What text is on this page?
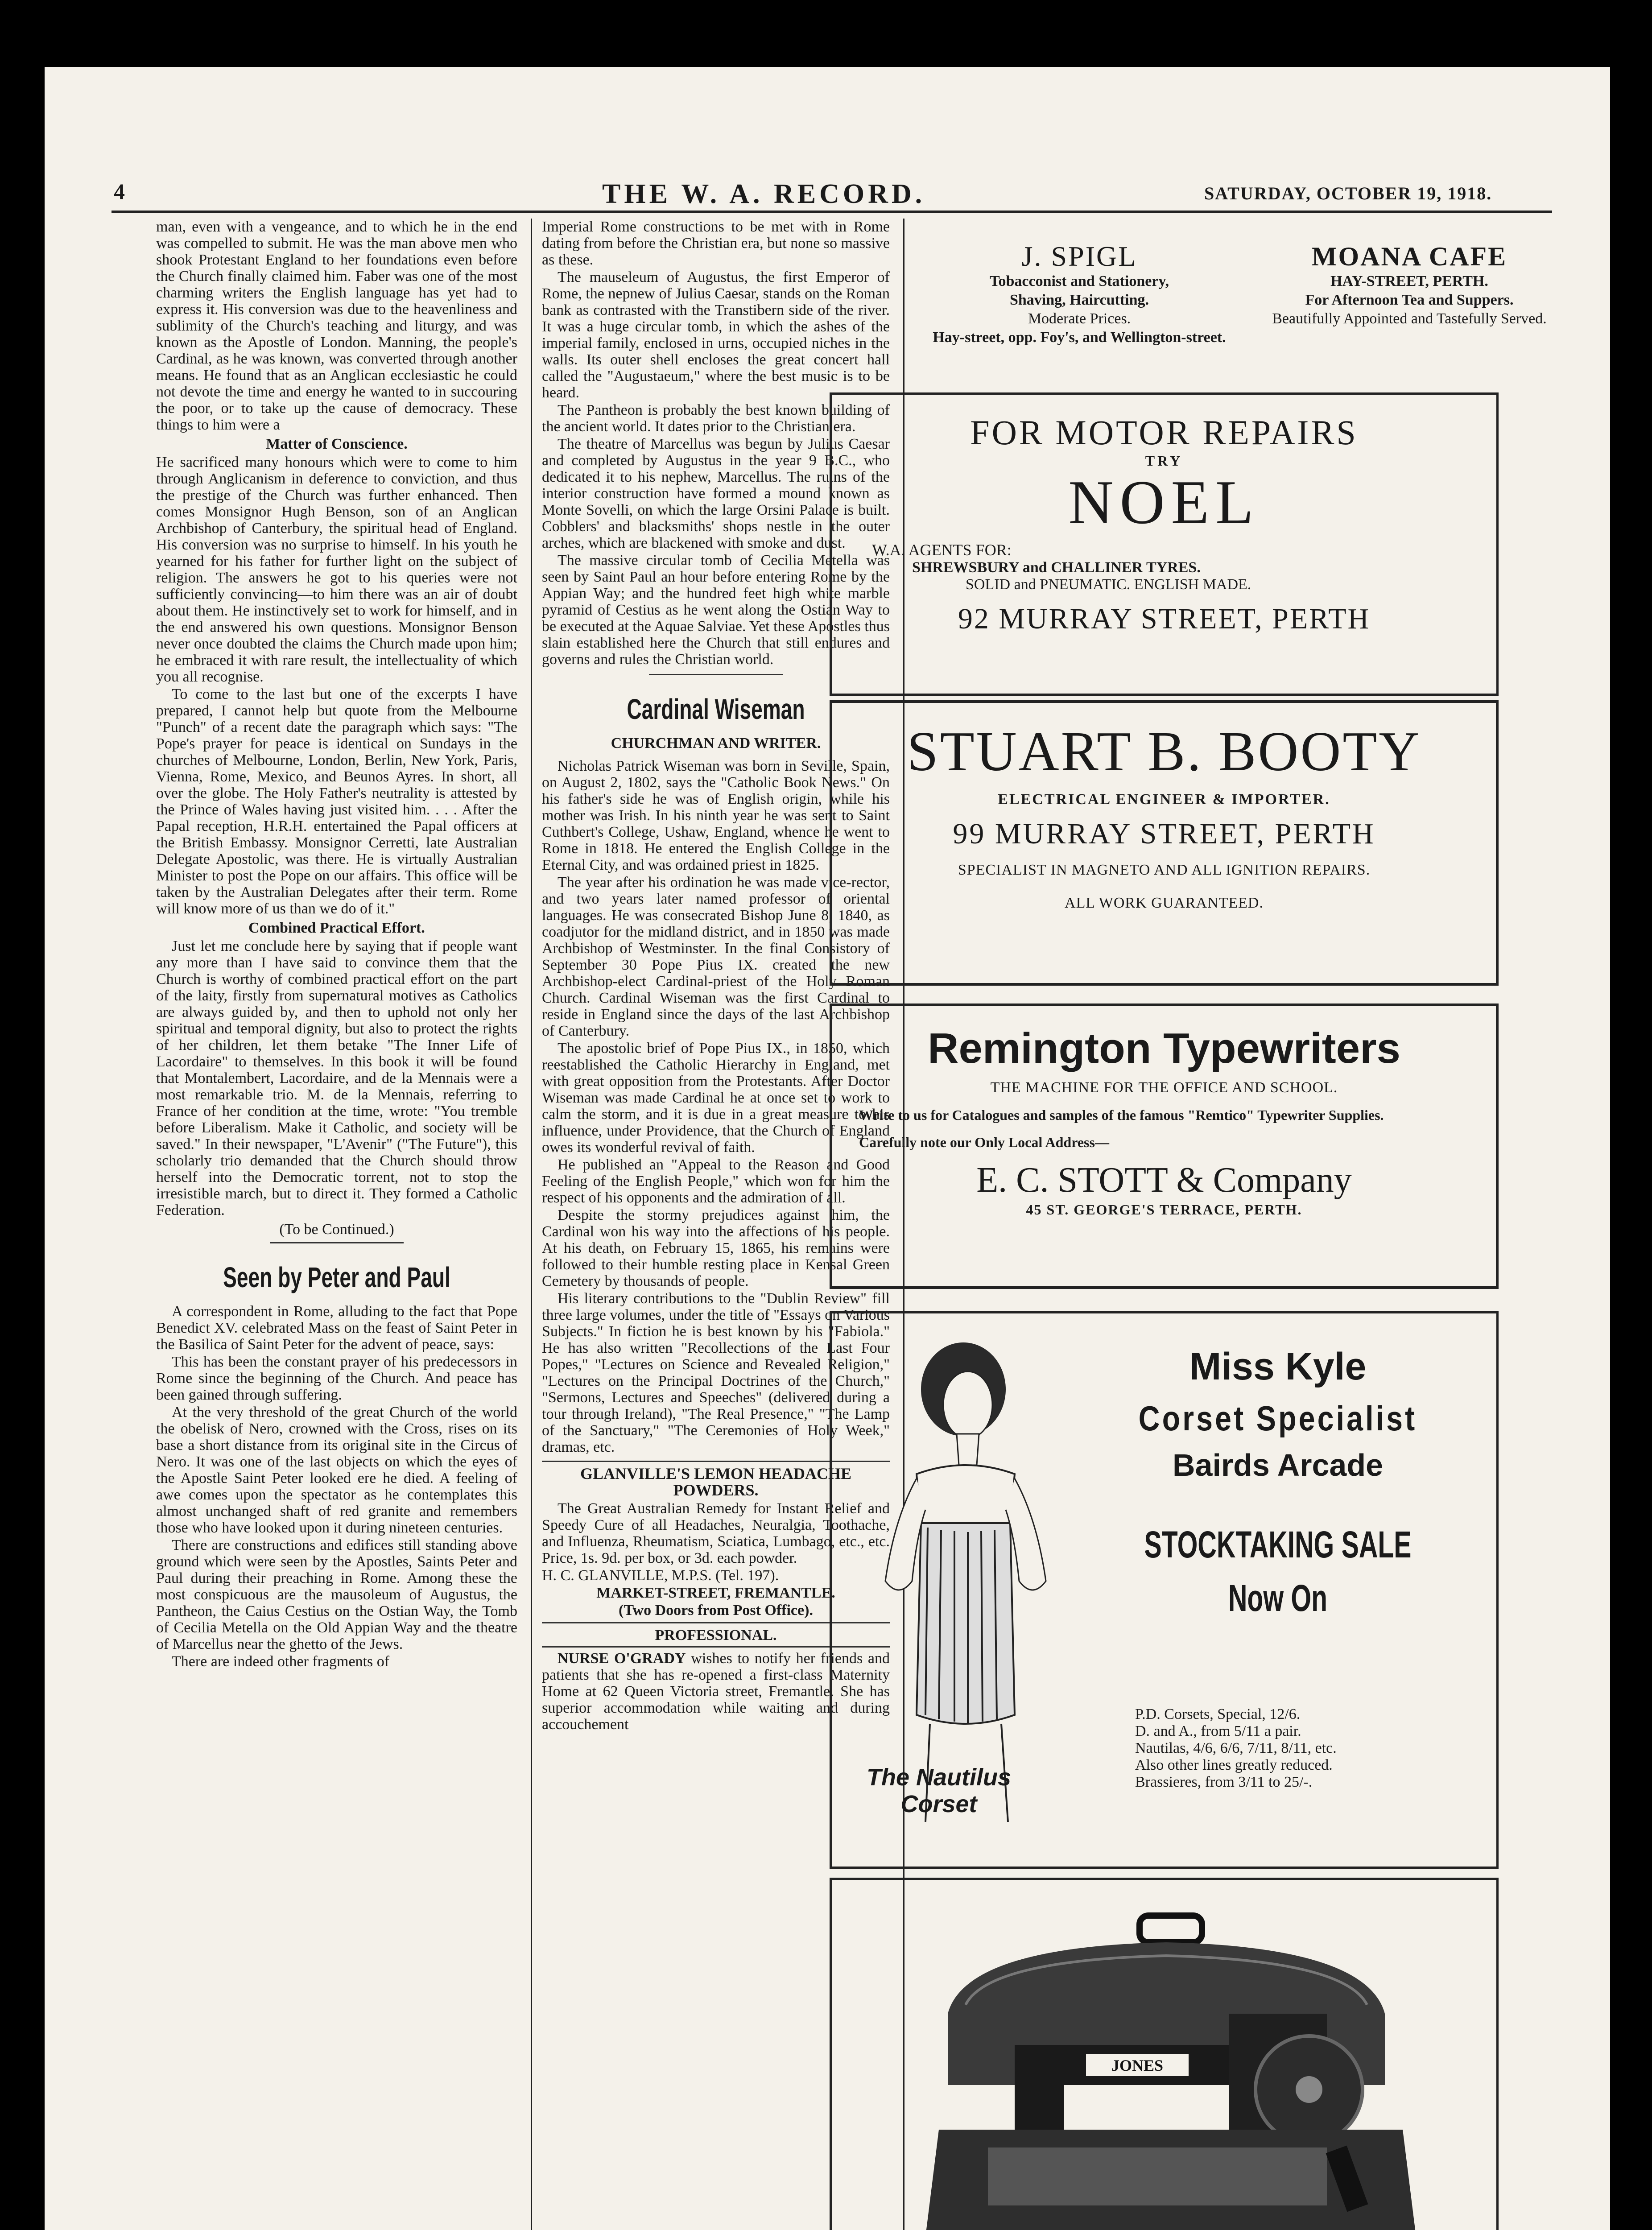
4	THE W. A. RECORD.	SATURDAY, OCTOBER 19, 1918.

man, even with a vengeance, and to which he in the end was compelled to submit. He was the man above men who shook Protestant England to her foundations even before the Church finally claimed him. Faber was one of the most charming writers the English language has yet had to express it. His conversion was due to the heavenliness and sublimity of the Church's teaching and liturgy, and was known as the Apostle of London. Manning, the people's Cardinal, as he was known, was converted through another means. He found that as an Anglican ecclesiastic he could not devote the time and energy he wanted to in succouring the poor, or to take up the cause of democracy. These things to him were a

Matter of Conscience.

He sacrificed many honours which were to come to him through Anglicanism in deference to conviction, and thus the prestige of the Church was further enhanced. Then comes Monsignor Hugh Benson, son of an Anglican Archbishop of Canterbury, the spiritual head of England. His conversion was no surprise to himself. In his youth he yearned for his father for further light on the subject of religion. The answers he got to his queries were not sufficiently convincing—to him there was an air of doubt about them. He instinctively set to work for himself, and in the end answered his own questions. Monsignor Benson never once doubted the claims the Church made upon him; he embraced it with rare result, the intellectuality of which you all recognise.

To come to the last but one of the excerpts I have prepared, I cannot help but quote from the Melbourne "Punch" of a recent date the paragraph which says: "The Pope's prayer for peace is identical on Sundays in the churches of Melbourne, London, Berlin, New York, Paris, Vienna, Rome, Mexico, and Beunos Ayres. In short, all over the globe. The Holy Father's neutrality is attested by the Prince of Wales having just visited him. . . . After the Papal reception, H.R.H. entertained the Papal officers at the British Embassy. Monsignor Cerretti, late Australian Delegate Apostolic, was there. He is virtually Australian Minister to post the Pope on our affairs. This office will be taken by the Australian Delegates after their term. Rome will know more of us than we do of it."

Combined Practical Effort.

Just let me conclude here by saying that if people want any more than I have said to convince them that the Church is worthy of combined practical effort on the part of the laity, firstly from supernatural motives as Catholics are always guided by, and then to uphold not only her spiritual and temporal dignity, but also to protect the rights of her children, let them betake "The Inner Life of Lacordaire" to themselves. In this book it will be found that Montalembert, Lacordaire, and de la Mennais were a most remarkable trio. M. de la Mennais, referring to France of her condition at the time, wrote: "You tremble before Liberalism. Make it Catholic, and society will be saved." In their newspaper, "L'Avenir" ("The Future"), this scholarly trio demanded that the Church should throw herself into the Democratic torrent, not to stop the irresistible march, but to direct it. They formed a Catholic Federation.

(To be Continued.)

Seen by Peter and Paul

A correspondent in Rome, alluding to the fact that Pope Benedict XV. celebrated Mass on the feast of Saint Peter in the Basilica of Saint Peter for the advent of peace, says:

This has been the constant prayer of his predecessors in Rome since the beginning of the Church. And peace has been gained through suffering.

At the very threshold of the great Church of the world the obelisk of Nero, crowned with the Cross, rises on its base a short distance from its original site in the Circus of Nero. It was one of the last objects on which the eyes of the Apostle Saint Peter looked ere he died. A feeling of awe comes upon the spectator as he contemplates this almost unchanged shaft of red granite and remembers those who have looked upon it during nineteen centuries.

There are constructions and edifices still standing above ground which were seen by the Apostles, Saints Peter and Paul during their preaching in Rome. Among these the most conspicuous are the mausoleum of Augustus, the Pantheon, the Caius Cestius on the Ostian Way, the Tomb of Cecilia Metella on the Old Appian Way and the theatre of Marcellus near the ghetto of the Jews.

There are indeed other fragments of

Imperial Rome constructions to be met with in Rome dating from before the Christian era, but none so massive as these.

The mauseleum of Augustus, the first Emperor of Rome, the nepnew of Julius Caesar, stands on the Roman bank as contrasted with the Transtibern side of the river. It was a huge circular tomb, in which the ashes of the imperial family, enclosed in urns, occupied niches in the walls. Its outer shell encloses the great concert hall called the "Augustaeum," where the best music is to be heard.

The Pantheon is probably the best known building of the ancient world. It dates prior to the Christian era.

The theatre of Marcellus was begun by Julius Caesar and completed by Augustus in the year 9 B.C., who dedicated it to his nephew, Marcellus. The ruins of the interior construction have formed a mound known as Monte Sovelli, on which the large Orsini Palace is built. Cobblers' and blacksmiths' shops nestle in the outer arches, which are blackened with smoke and dust.

The massive circular tomb of Cecilia Metella was seen by Saint Paul an hour before entering Rome by the Appian Way; and the hundred feet high white marble pyramid of Cestius as he went along the Ostian Way to be executed at the Aquae Salviae. Yet these Apostles thus slain established here the Church that still endures and governs and rules the Christian world.

Cardinal Wiseman
CHURCHMAN AND WRITER.

Nicholas Patrick Wiseman was born in Seville, Spain, on August 2, 1802, says the "Catholic Book News." On his father's side he was of English origin, while his mother was Irish. In his ninth year he was sent to Saint Cuthbert's College, Ushaw, England, whence he went to Rome in 1818. He entered the English College in the Eternal City, and was ordained priest in 1825.

The year after his ordination he was made vice-rector, and two years later named professor of oriental languages. He was consecrated Bishop June 8, 1840, as coadjutor for the midland district, and in 1850 was made Archbishop of Westminster. In the final Consistory of September 30 Pope Pius IX. created the new Archbishop-elect Cardinal-priest of the Holy Roman Church. Cardinal Wiseman was the first Cardinal to reside in England since the days of the last Archbishop of Canterbury.

The apostolic brief of Pope Pius IX., in 1850, which reestablished the Catholic Hierarchy in England, met with great opposition from the Protestants. After Doctor Wiseman was made Cardinal he at once set to work to calm the storm, and it is due in a great measure to his influence, under Providence, that the Church of England owes its wonderful revival of faith.

He published an "Appeal to the Reason and Good Feeling of the English People," which won for him the respect of his opponents and the admiration of all.

Despite the stormy prejudices against him, the Cardinal won his way into the affections of his people. At his death, on February 15, 1865, his remains were followed to their humble resting place in Kensal Green Cemetery by thousands of people.

His literary contributions to the "Dublin Review" fill three large volumes, under the title of "Essays on Various Subjects." In fiction he is best known by his "Fabiola." He has also written "Recollections of the Last Four Popes," "Lectures on Science and Revealed Religion," "Lectures on the Principal Doctrines of the Church," "Sermons, Lectures and Speeches" (delivered during a tour through Ireland), "The Real Presence," "The Lamp of the Sanctuary," "The Ceremonies of Holy Week," dramas, etc.

GLANVILLE'S LEMON HEADACHE POWDERS.

The Great Australian Remedy for Instant Relief and Speedy Cure of all Headaches, Neuralgia, Toothache, and Influenza, Rheumatism, Sciatica, Lumbago, etc., etc. Price, 1s. 9d. per box, or 3d. each powder.

H. C. GLANVILLE, M.P.S. (Tel. 197).

MARKET-STREET, FREMANTLE.
(Two Doors from Post Office).
PROFESSIONAL.

NURSE O'GRADY wishes to notify her friends and patients that she has re-opened a first-class Maternity Home at 62 Queen Victoria street, Fremantle. She has superior accommodation while waiting and during accouchement

J. SPIGL
Tobacconist and Stationery,
Shaving, Haircutting.
Moderate Prices.
Hay-street, opp. Foy's, and Wellington-street.
MOANA CAFE
HAY-STREET, PERTH.
For Afternoon Tea and Suppers.
Beautifully Appointed and Tastefully Served.
FOR MOTOR REPAIRS
TRY
NOEL
W.A. AGENTS FOR:
SHREWSBURY and CHALLINER TYRES.
SOLID and PNEUMATIC. ENGLISH MADE.
92 MURRAY STREET, PERTH
STUART B. BOOTY
ELECTRICAL ENGINEER & IMPORTER.
99 MURRAY STREET, PERTH
SPECIALIST IN MAGNETO AND ALL IGNITION REPAIRS.
ALL WORK GUARANTEED.
Remington Typewriters
THE MACHINE FOR THE OFFICE AND SCHOOL.
Write to us for Catalogues and samples of the famous "Remtico" Typewriter Supplies.
Carefully note our Only Local Address—
E. C. STOTT & Company
45 ST. GEORGE'S TERRACE, PERTH.
The Nautilus Corset
Miss Kyle
Corset Specialist
Bairds Arcade
STOCKTAKING SALE
Now On
P.D. Corsets, Special, 12/6.
D. and A., from 5/11 a pair.
Nautilas, 4/6, 6/6, 7/11, 8/11, etc.
Also other lines greatly reduced.
Brassieres, from 3/11 to 25/-.
JONES
